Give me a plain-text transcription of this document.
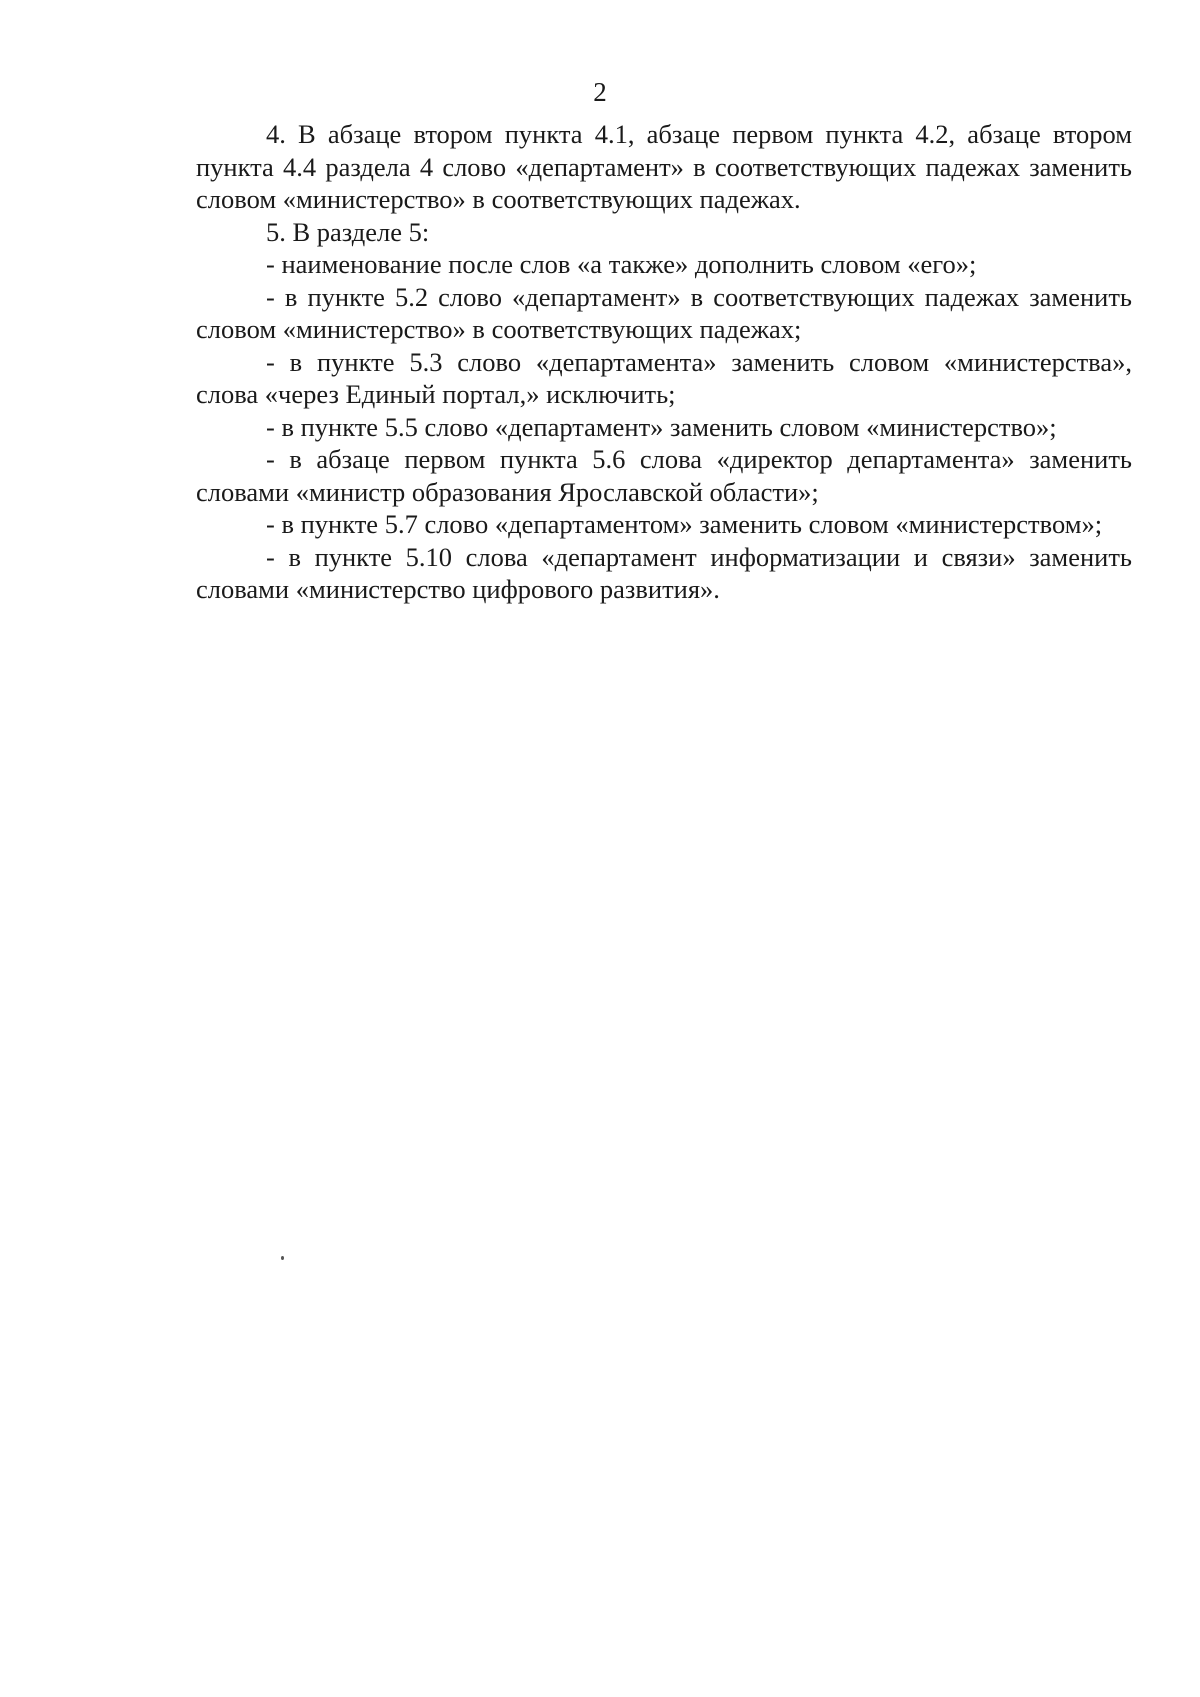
2

4. В абзаце втором пункта 4.1, абзаце первом пункта 4.2, абзаце втором пункта 4.4 раздела 4 слово «департамент» в соответствующих падежах заменить словом «министерство» в соответствующих падежах.

5. В разделе 5:

- наименование после слов «а также» дополнить словом «его»;

- в пункте 5.2 слово «департамент» в соответствующих падежах заменить словом «министерство» в соответствующих падежах;

- в пункте 5.3 слово «департамента» заменить словом «министерства», слова «через Единый портал,» исключить;

- в пункте 5.5 слово «департамент» заменить словом «министерство»;

- в абзаце первом пункта 5.6 слова «директор департамента» заменить словами «министр образования Ярославской области»;

- в пункте 5.7 слово «департаментом» заменить словом «министерством»;

- в пункте 5.10 слова «департамент информатизации и связи» заменить словами «министерство цифрового развития».
